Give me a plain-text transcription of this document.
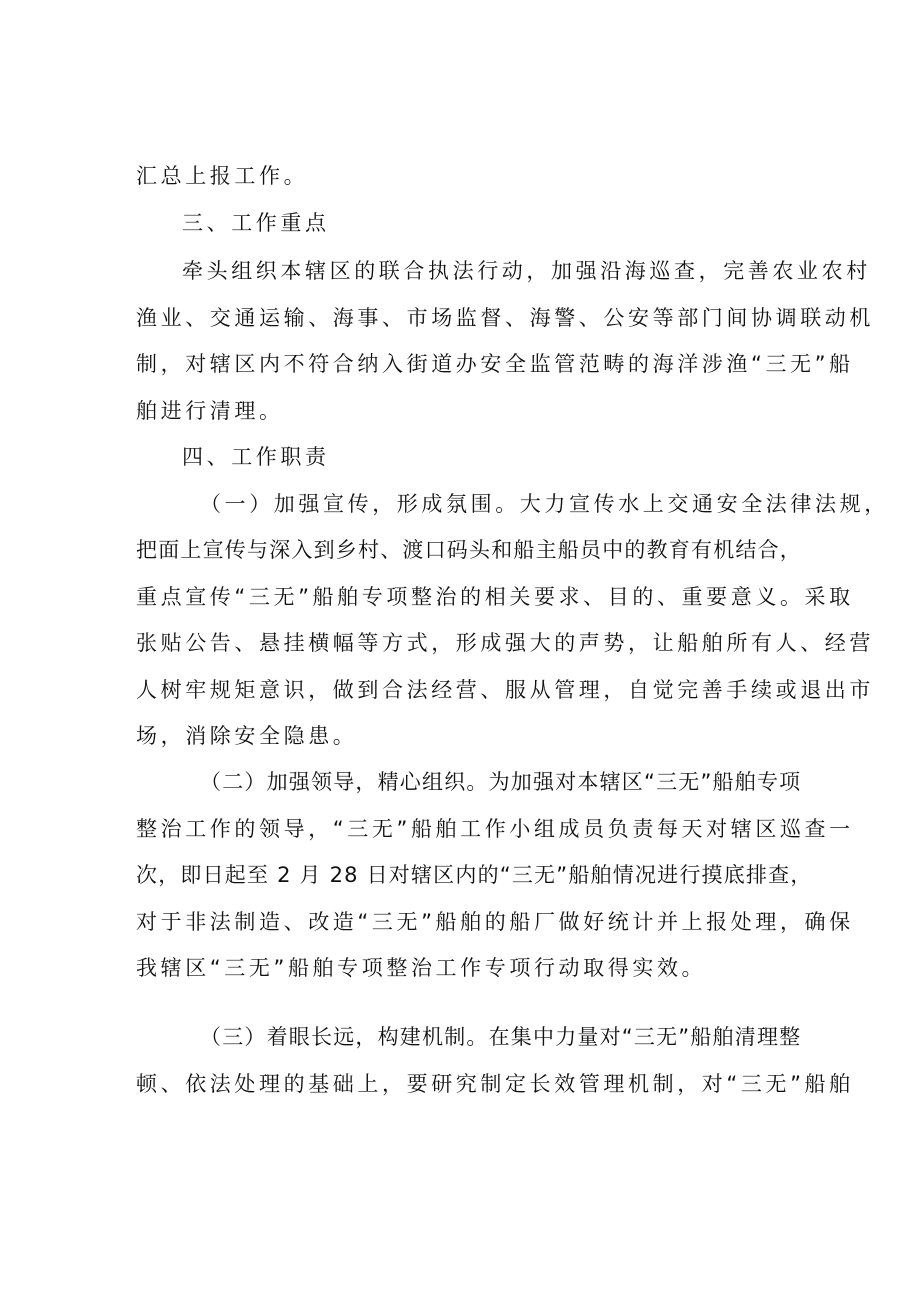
汇总上报工作。
三、工作重点
牵头组织本辖区的联合执法行动，加强沿海巡查，完善农业农村
渔业、交通运输、海事、市场监督、海警、公安等部门间协调联动机
制，对辖区内不符合纳入街道办安全监管范畴的海洋涉渔“三无”船
舶进行清理。
四、工作职责
（一）加强宣传，形成氛围。大力宣传水上交通安全法律法规，
把面上宣传与深入到乡村、渡口码头和船主船员中的教育有机结合，
重点宣传“三无”船舶专项整治的相关要求、目的、重要意义。采取
张贴公告、悬挂横幅等方式，形成强大的声势，让船舶所有人、经营
人树牢规矩意识，做到合法经营、服从管理，自觉完善手续或退出市
场，消除安全隐患。
（二）加强领导，精心组织。为加强对本辖区“三无”船舶专项
整治工作的领导，“三无”船舶工作小组成员负责每天对辖区巡查一
次，即日起至 2 月 28 日对辖区内的“三无”船舶情况进行摸底排查，
对于非法制造、改造“三无”船舶的船厂做好统计并上报处理，确保
我辖区“三无”船舶专项整治工作专项行动取得实效。
（三）着眼长远，构建机制。在集中力量对“三无”船舶清理整
顿、依法处理的基础上，要研究制定长效管理机制，对“三无”船舶
